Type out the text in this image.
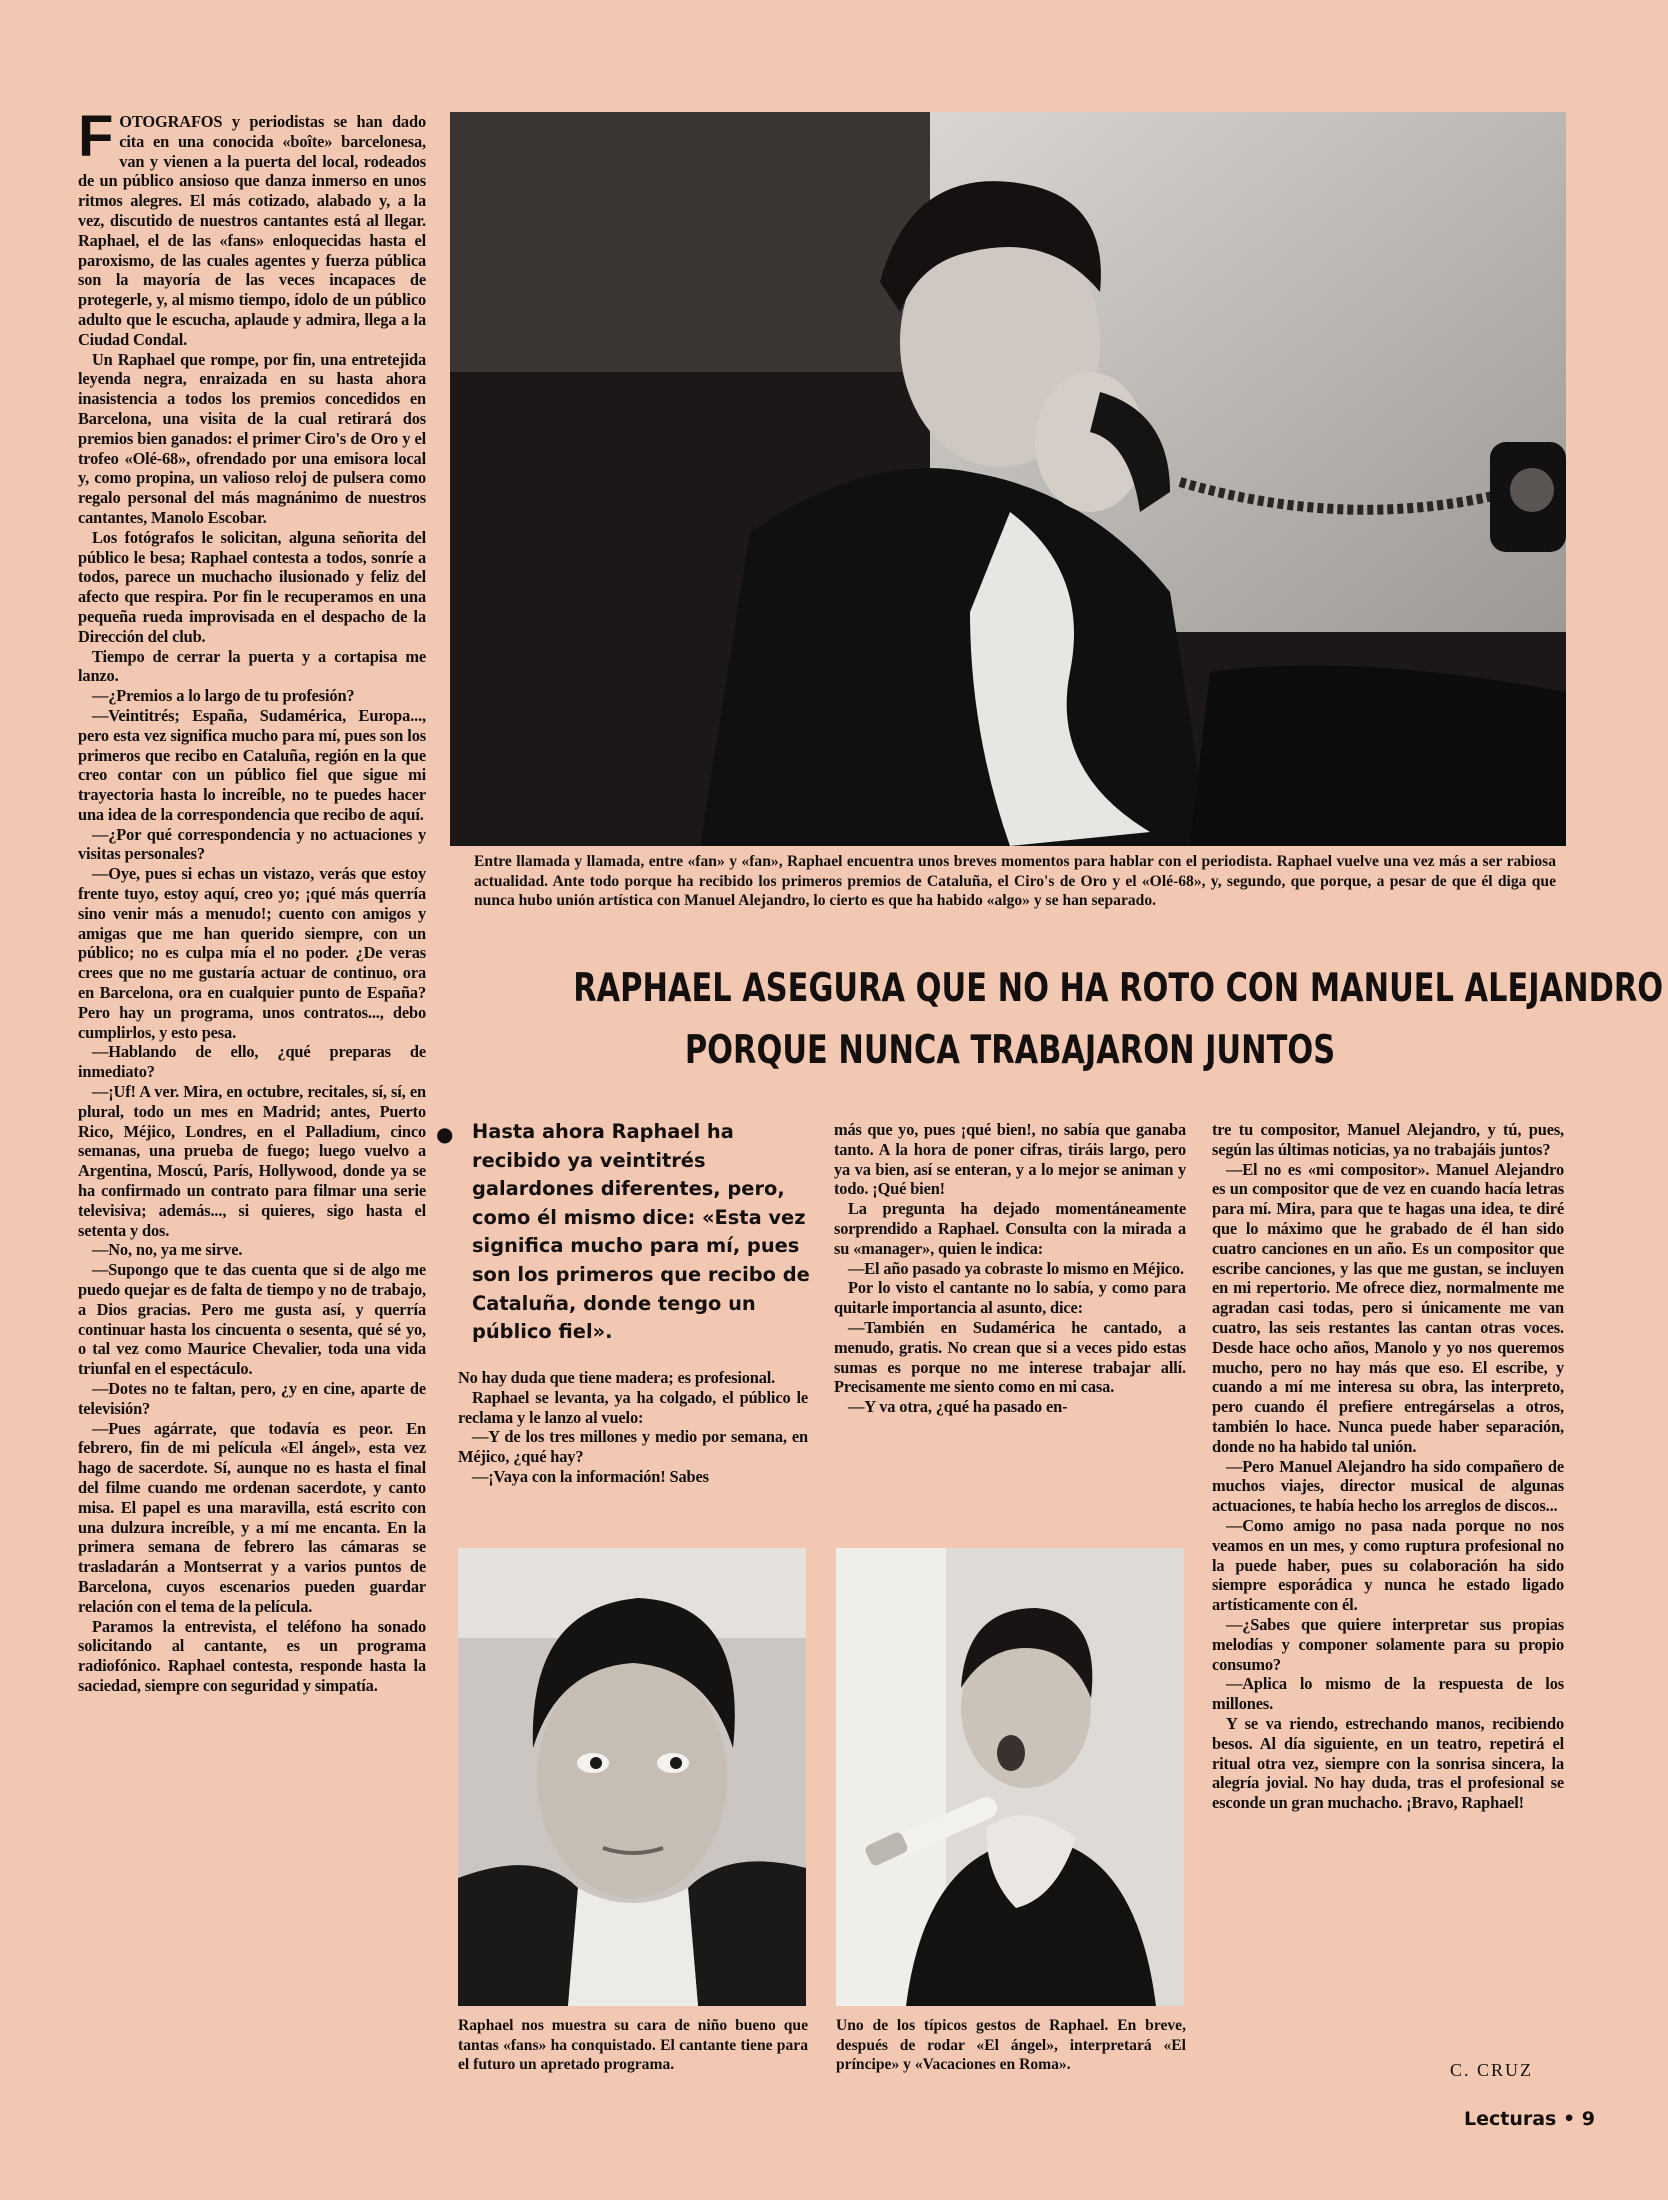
FOTOGRAFOS y periodistas se han dado cita en una conocida «boîte» barcelonesa, van y vienen a la puerta del local, rodeados de un público ansioso que danza inmerso en unos ritmos alegres. El más cotizado, alabado y, a la vez, discutido de nuestros cantantes está al llegar. Raphael, el de las «fans» enloquecidas hasta el paroxismo, de las cuales agentes y fuerza pública son la mayoría de las veces incapaces de protegerle, y, al mismo tiempo, ídolo de un público adulto que le escucha, aplaude y admira, llega a la Ciudad Condal.

Un Raphael que rompe, por fin, una entretejida leyenda negra, enraizada en su hasta ahora inasistencia a todos los premios concedidos en Barcelona, una visita de la cual retirará dos premios bien ganados: el primer Ciro's de Oro y el trofeo «Olé-68», ofrendado por una emisora local y, como propina, un valioso reloj de pulsera como regalo personal del más magnánimo de nuestros cantantes, Manolo Escobar.

Los fotógrafos le solicitan, alguna señorita del público le besa; Raphael contesta a todos, sonríe a todos, parece un muchacho ilusionado y feliz del afecto que respira. Por fin le recuperamos en una pequeña rueda improvisada en el despacho de la Dirección del club.

Tiempo de cerrar la puerta y a cortapisa me lanzo.

—¿Premios a lo largo de tu profesión?

—Veintitrés; España, Sudamérica, Europa..., pero esta vez significa mucho para mí, pues son los primeros que recibo en Cataluña, región en la que creo contar con un público fiel que sigue mi trayectoria hasta lo increíble, no te puedes hacer una idea de la correspondencia que recibo de aquí.

—¿Por qué correspondencia y no actuaciones y visitas personales?

—Oye, pues si echas un vistazo, verás que estoy frente tuyo, estoy aquí, creo yo; ¡qué más querría sino venir más a menudo!; cuento con amigos y amigas que me han querido siempre, con un público; no es culpa mía el no poder. ¿De veras crees que no me gustaría actuar de continuo, ora en Barcelona, ora en cualquier punto de España? Pero hay un programa, unos contratos..., debo cumplirlos, y esto pesa.

—Hablando de ello, ¿qué preparas de inmediato?

—¡Uf! A ver. Mira, en octubre, recitales, sí, sí, en plural, todo un mes en Madrid; antes, Puerto Rico, Méjico, Londres, en el Palladium, cinco semanas, una prueba de fuego; luego vuelvo a Argentina, Moscú, París, Hollywood, donde ya se ha confirmado un contrato para filmar una serie televisiva; además..., si quieres, sigo hasta el setenta y dos.

—No, no, ya me sirve.

—Supongo que te das cuenta que si de algo me puedo quejar es de falta de tiempo y no de trabajo, a Dios gracias. Pero me gusta así, y querría continuar hasta los cincuenta o sesenta, qué sé yo, o tal vez como Maurice Chevalier, toda una vida triunfal en el espectáculo.

—Dotes no te faltan, pero, ¿y en cine, aparte de televisión?

—Pues agárrate, que todavía es peor. En febrero, fin de mi película «El ángel», esta vez hago de sacerdote. Sí, aunque no es hasta el final del filme cuando me ordenan sacerdote, y canto misa. El papel es una maravilla, está escrito con una dulzura increíble, y a mí me encanta. En la primera semana de febrero las cámaras se trasladarán a Montserrat y a varios puntos de Barcelona, cuyos escenarios pueden guardar relación con el tema de la película.

Paramos la entrevista, el teléfono ha sonado solicitando al cantante, es un programa radiofónico. Raphael contesta, responde hasta la saciedad, siempre con seguridad y simpatía.

Entre llamada y llamada, entre «fan» y «fan», Raphael encuentra unos breves momentos para hablar con el periodista. Raphael vuelve una vez más a ser rabiosa actualidad. Ante todo porque ha recibido los primeros premios de Cataluña, el Ciro's de Oro y el «Olé-68», y, segundo, que porque, a pesar de que él diga que nunca hubo unión artística con Manuel Alejandro, lo cierto es que ha habido «algo» y se han separado.
RAPHAEL ASEGURA QUE NO HA ROTO CON MANUEL ALEJANDRO
PORQUE NUNCA TRABAJARON JUNTOS
● Hasta ahora Raphael ha recibido ya veintitrés galardones diferentes, pero, como él mismo dice: «Esta vez significa mucho para mí, pues son los primeros que recibo de Cataluña, donde tengo un público fiel».

No hay duda que tiene madera; es profesional.

Raphael se levanta, ya ha colgado, el público le reclama y le lanzo al vuelo:

—Y de los tres millones y medio por semana, en Méjico, ¿qué hay?

—¡Vaya con la información! Sabes

más que yo, pues ¡qué bien!, no sabía que ganaba tanto. A la hora de poner cifras, tiráis largo, pero ya va bien, así se enteran, y a lo mejor se animan y todo. ¡Qué bien!

La pregunta ha dejado momentáneamente sorprendido a Raphael. Consulta con la mirada a su «manager», quien le indica:

—El año pasado ya cobraste lo mismo en Méjico.

Por lo visto el cantante no lo sabía, y como para quitarle importancia al asunto, dice:

—También en Sudamérica he cantado, a menudo, gratis. No crean que si a veces pido estas sumas es porque no me interese trabajar allí. Precisamente me siento como en mi casa.

—Y va otra, ¿qué ha pasado en-

tre tu compositor, Manuel Alejandro, y tú, pues, según las últimas noticias, ya no trabajáis juntos?

—El no es «mi compositor». Manuel Alejandro es un compositor que de vez en cuando hacía letras para mí. Mira, para que te hagas una idea, te diré que lo máximo que he grabado de él han sido cuatro canciones en un año. Es un compositor que escribe canciones, y las que me gustan, se incluyen en mi repertorio. Me ofrece diez, normalmente me agradan casi todas, pero si únicamente me van cuatro, las seis restantes las cantan otras voces. Desde hace ocho años, Manolo y yo nos queremos mucho, pero no hay más que eso. El escribe, y cuando a mí me interesa su obra, las interpreto, pero cuando él prefiere entregárselas a otros, también lo hace. Nunca puede haber separación, donde no ha habido tal unión.

—Pero Manuel Alejandro ha sido compañero de muchos viajes, director musical de algunas actuaciones, te había hecho los arreglos de discos...

—Como amigo no pasa nada porque no nos veamos en un mes, y como ruptura profesional no la puede haber, pues su colaboración ha sido siempre esporádica y nunca he estado ligado artísticamente con él.

—¿Sabes que quiere interpretar sus propias melodías y componer solamente para su propio consumo?

—Aplica lo mismo de la respuesta de los millones.

Y se va riendo, estrechando manos, recibiendo besos. Al día siguiente, en un teatro, repetirá el ritual otra vez, siempre con la sonrisa sincera, la alegría jovial. No hay duda, tras el profesional se esconde un gran muchacho. ¡Bravo, Raphael!

Raphael nos muestra su cara de niño bueno que tantas «fans» ha conquistado. El cantante tiene para el futuro un apretado programa.
Uno de los típicos gestos de Raphael. En breve, después de rodar «El ángel», interpretará «El príncipe» y «Vacaciones en Roma».	C. CRUZ
Lecturas • 9
